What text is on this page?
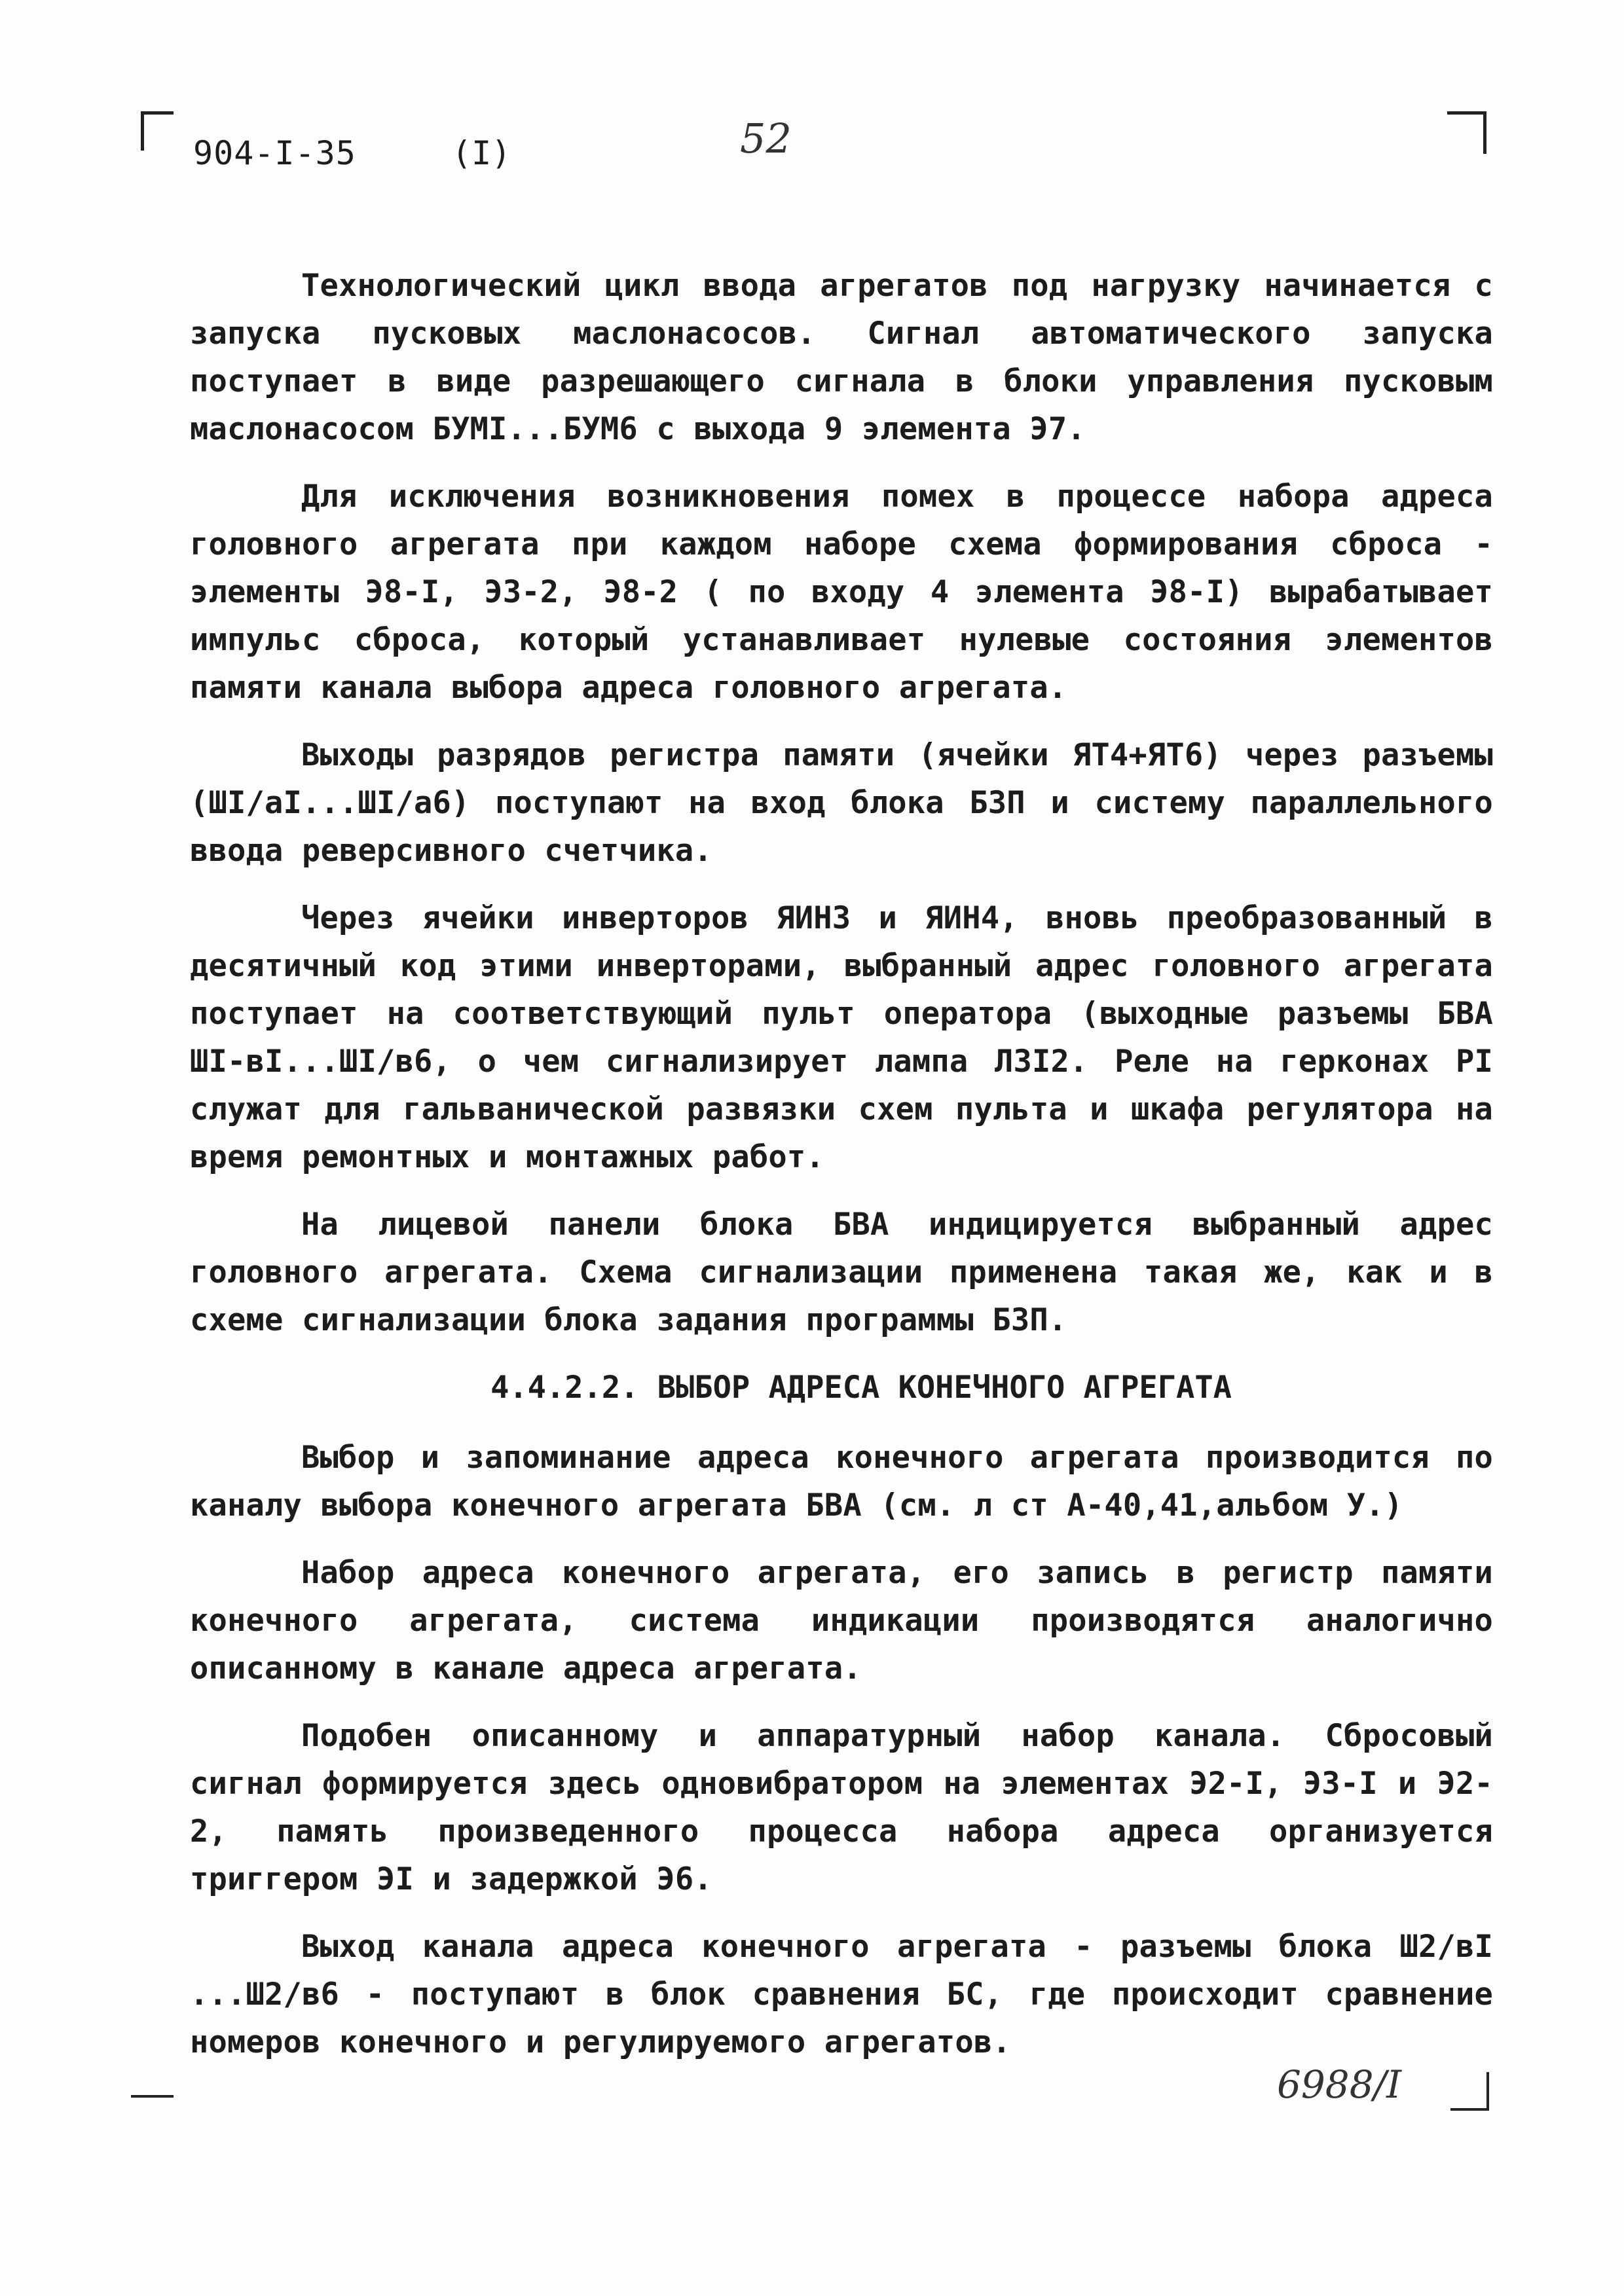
904-I-35	(I)	52

Технологический цикл ввода агрегатов под нагрузку начинается с запуска пусковых маслонасосов. Сигнал автоматического запуска поступает в виде разрешающего сигнала в блоки управления пусковым маслонасосом БУМI...БУМ6 с выхода 9 элемента Э7.

Для исключения возникновения помех в процессе набора адреса головного агрегата при каждом наборе схема формирования сброса - элементы Э8-I, Э3-2, Э8-2 ( по входу 4 элемента Э8-I) вырабатывает импульс сброса, который устанавливает нулевые состояния элементов памяти канала выбора адреса головного агрегата.

Выходы разрядов регистра памяти (ячейки ЯТ4+ЯТ6) через разъемы (ШI/аI...ШI/а6) поступают на вход блока БЗП и систему параллельного ввода реверсивного счетчика.

Через ячейки инверторов ЯИН3 и ЯИН4, вновь преобразованный в десятичный код этими инверторами, выбранный адрес головного агрегата поступает на соответствующий пульт оператора (выходные разъемы БВА ШI-вI...ШI/в6, о чем сигнализирует лампа Л3I2. Реле на герконах PI служат для гальванической развязки схем пульта и шкафа регулятора на время ремонтных и монтажных работ.

На лицевой панели блока БВА индицируется выбранный адрес головного агрегата. Схема сигнализации применена такая же, как и в схеме сигнализации блока задания программы БЗП.

4.4.2.2. ВЫБОР АДРЕСА КОНЕЧНОГО АГРЕГАТА

Выбор и запоминание адреса конечного агрегата производится по каналу выбора конечного агрегата БВА (см. л ст А-40,41,альбом У.)

Набор адреса конечного агрегата, его запись в регистр памяти конечного агрегата, система индикации производятся аналогично описанному в канале адреса агрегата.

Подобен описанному и аппаратурный набор канала. Сбросовый сигнал формируется здесь одновибратором на элементах Э2-I, Э3-I и Э2-2, память произведенного процесса набора адреса организуется триггером ЭI и задержкой Э6.

Выход канала адреса конечного агрегата - разъемы блока Ш2/вI ...Ш2/в6 - поступают в блок сравнения БС, где происходит сравнение номеров конечного и регулируемого агрегатов.

6988/I
